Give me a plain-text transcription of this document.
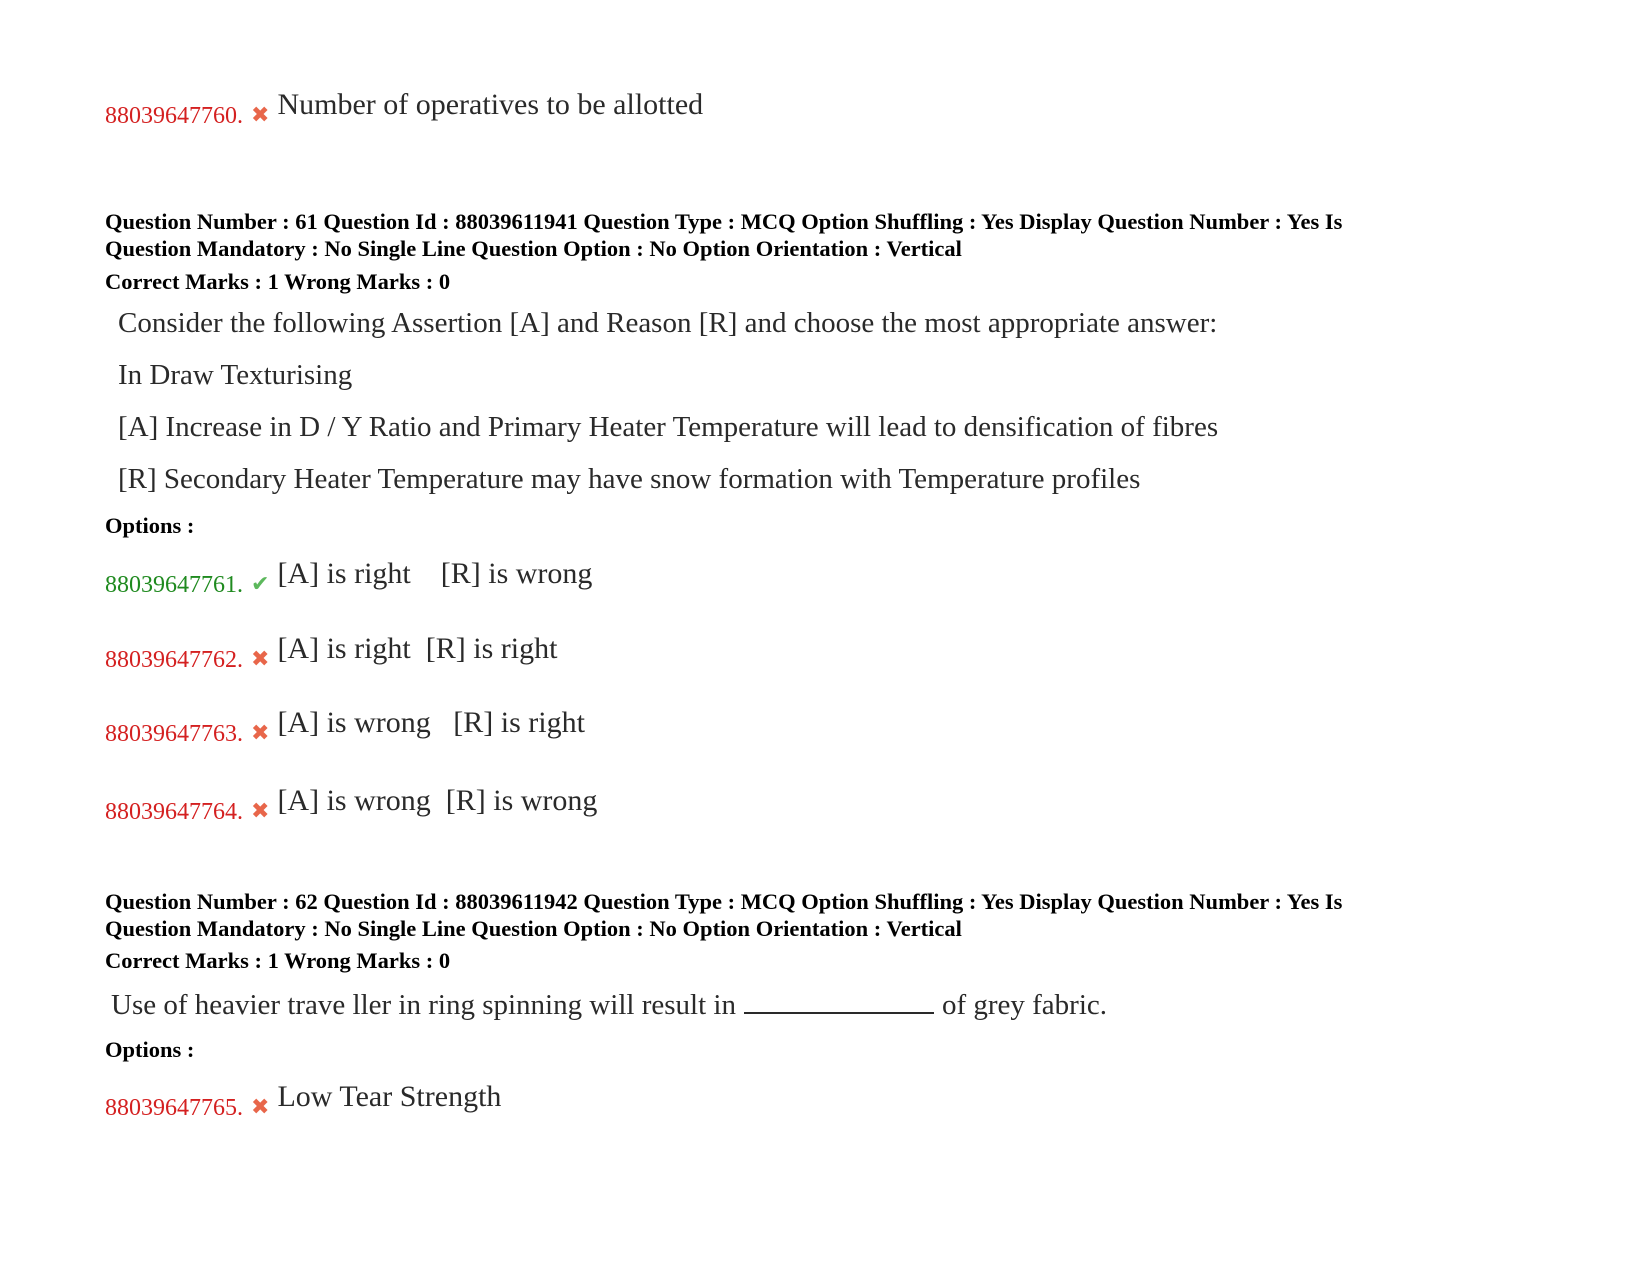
88039647760. ✖ Number of operatives to be allotted
Question Number : 61 Question Id : 88039611941 Question Type : MCQ Option Shuffling : Yes Display Question Number : Yes Is
Question Mandatory : No Single Line Question Option : No Option Orientation : Vertical
Correct Marks : 1 Wrong Marks : 0
Consider the following Assertion [A] and Reason [R] and choose the most appropriate answer:
In Draw Texturising
[A] Increase in D / Y Ratio and Primary Heater Temperature will lead to densification of fibres
[R] Secondary Heater Temperature may have snow formation with Temperature profiles
Options :
88039647761. ✔ [A] is right    [R] is wrong
88039647762. ✖ [A] is right  [R] is right
88039647763. ✖ [A] is wrong   [R] is right
88039647764. ✖ [A] is wrong  [R] is wrong
Question Number : 62 Question Id : 88039611942 Question Type : MCQ Option Shuffling : Yes Display Question Number : Yes Is
Question Mandatory : No Single Line Question Option : No Option Orientation : Vertical
Correct Marks : 1 Wrong Marks : 0
Use of heavier trave ller in ring spinning will result in	of grey fabric.
Options :
88039647765. ✖ Low Tear Strength
